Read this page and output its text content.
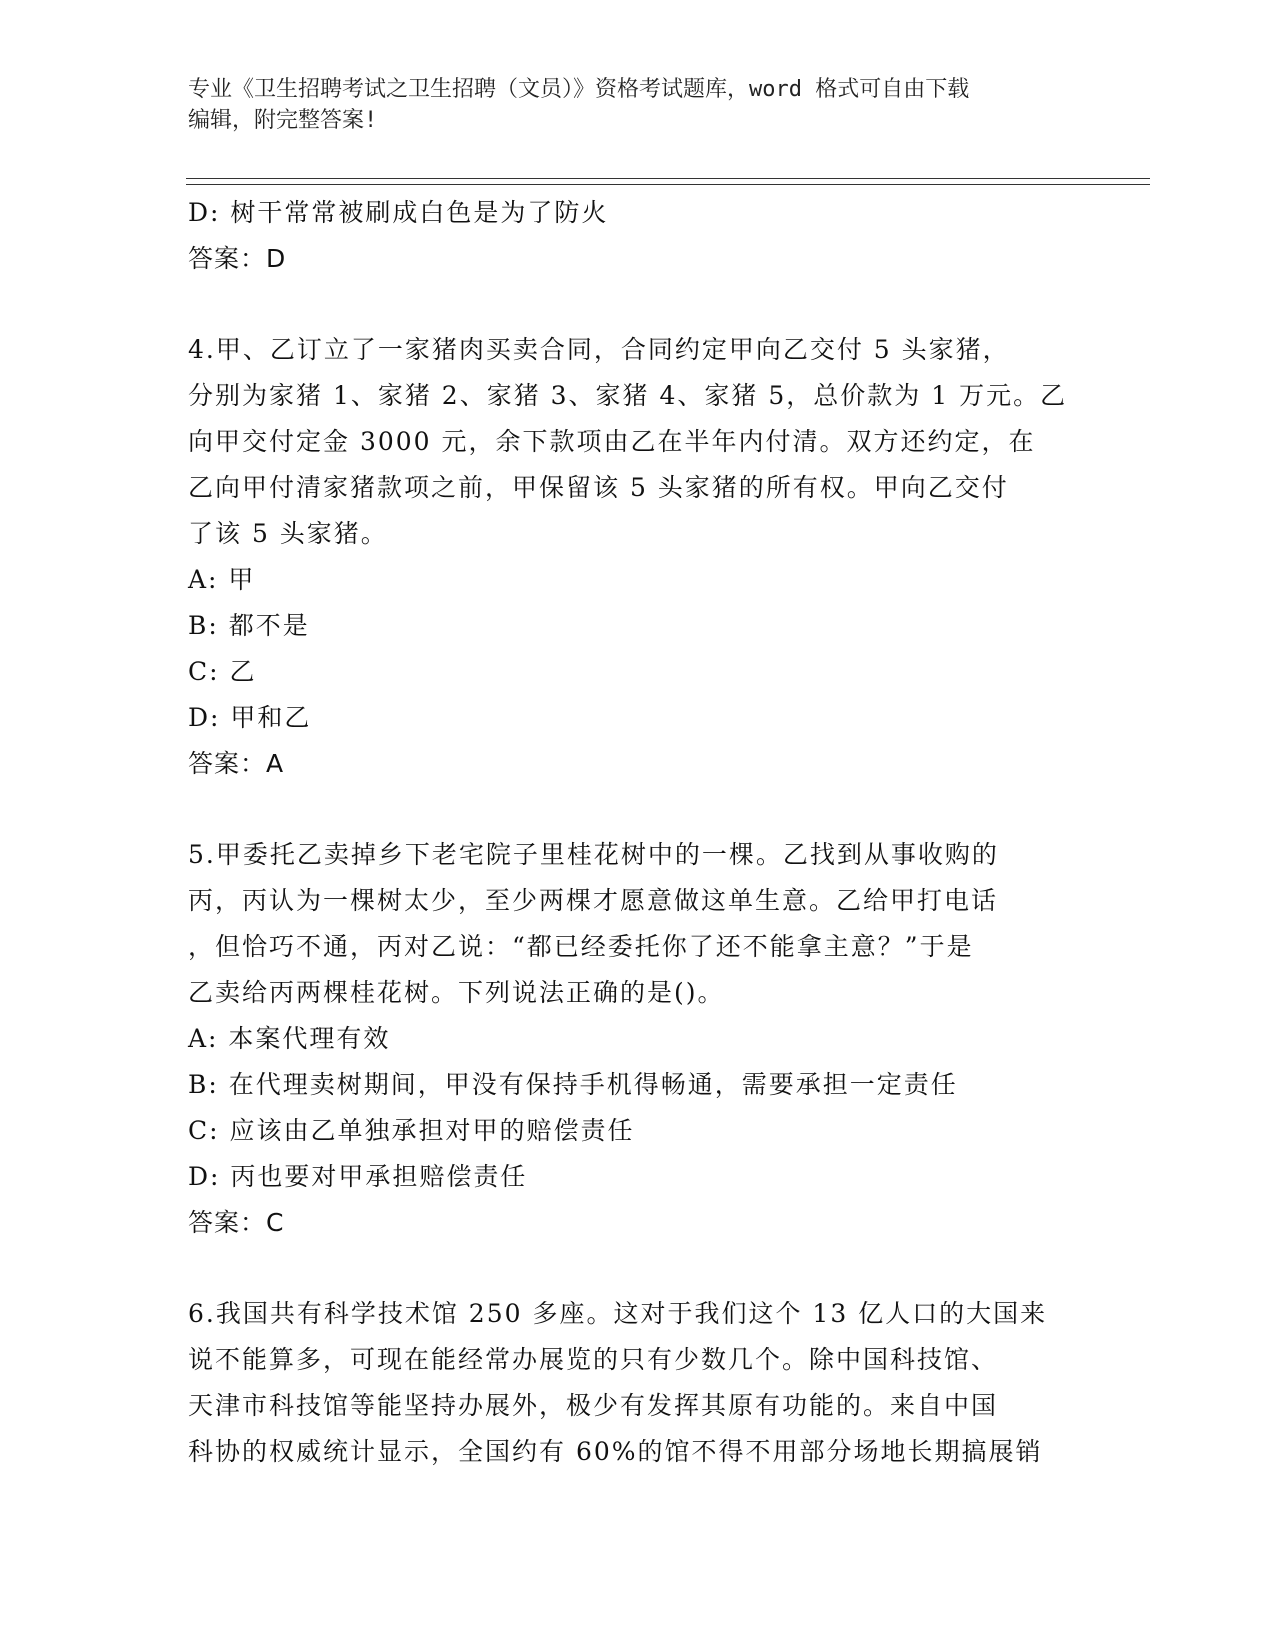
专业《卫生招聘考试之卫生招聘（文员）》资格考试题库，word 格式可自由下载
编辑，附完整答案!
D: 树干常常被刷成白色是为了防火
答案：D
4.甲、乙订立了一家猪肉买卖合同，合同约定甲向乙交付 5 头家猪，
分别为家猪 1、家猪 2、家猪 3、家猪 4、家猪 5，总价款为 1 万元。乙
向甲交付定金 3000 元，余下款项由乙在半年内付清。双方还约定，在
乙向甲付清家猪款项之前，甲保留该 5 头家猪的所有权。甲向乙交付
了该 5 头家猪。
A: 甲
B: 都不是
C: 乙
D: 甲和乙
答案：A
5.甲委托乙卖掉乡下老宅院子里桂花树中的一棵。乙找到从事收购的
丙，丙认为一棵树太少，至少两棵才愿意做这单生意。乙给甲打电话
，但恰巧不通，丙对乙说：“都已经委托你了还不能拿主意？”于是
乙卖给丙两棵桂花树。下列说法正确的是()。
A: 本案代理有效
B: 在代理卖树期间，甲没有保持手机得畅通，需要承担一定责任
C: 应该由乙单独承担对甲的赔偿责任
D: 丙也要对甲承担赔偿责任
答案：C
6.我国共有科学技术馆 250 多座。这对于我们这个 13 亿人口的大国来
说不能算多，可现在能经常办展览的只有少数几个。除中国科技馆、
天津市科技馆等能坚持办展外，极少有发挥其原有功能的。来自中国
科协的权威统计显示，全国约有 60%的馆不得不用部分场地长期搞展销
